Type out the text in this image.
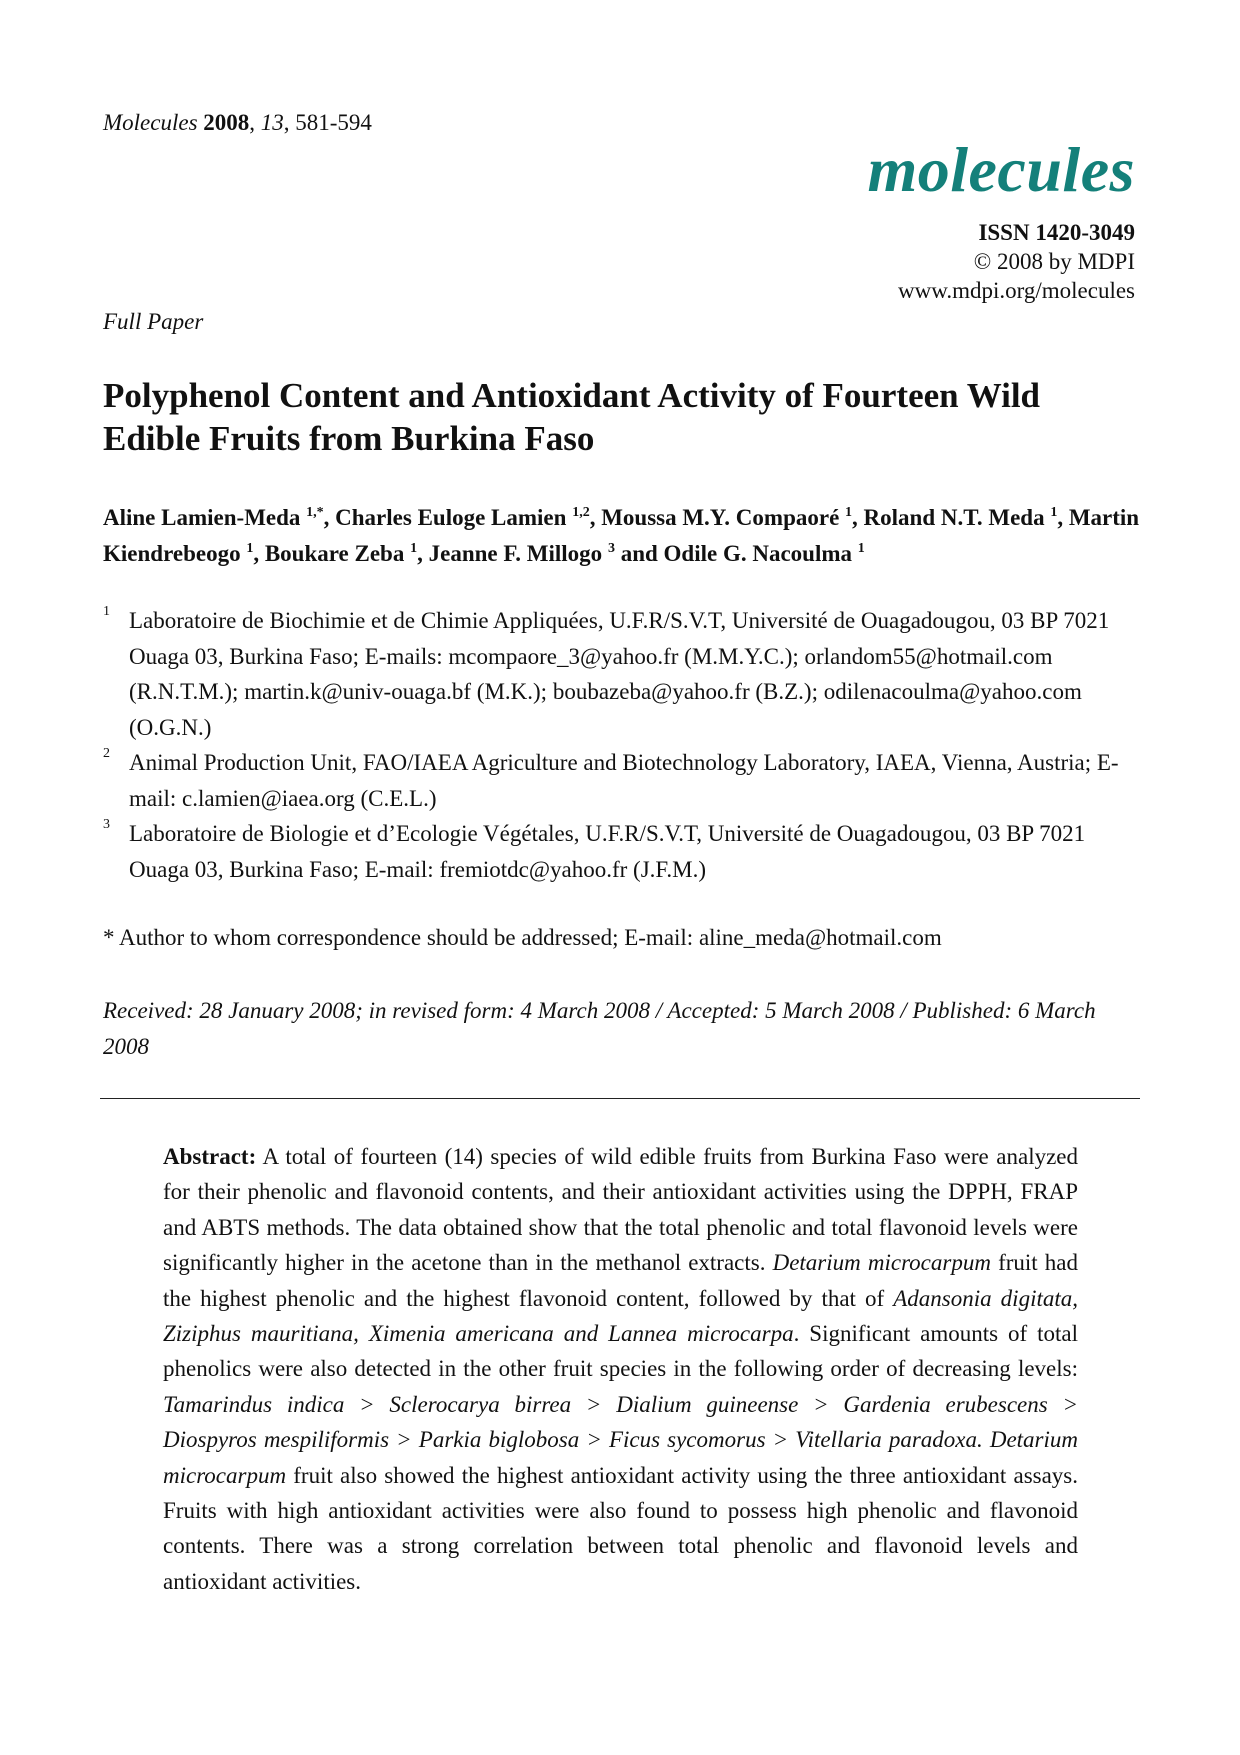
Molecules 2008, 13, 581-594
molecules
ISSN 1420-3049
© 2008 by MDPI
www.mdpi.org/molecules
Full Paper
Polyphenol Content and Antioxidant Activity of Fourteen Wild
Edible Fruits from Burkina Faso
Aline Lamien-Meda $^{1,*}$, Charles Euloge Lamien $^{1,2}$, Moussa M.Y. Compaoré $^1$, Roland N.T. Meda $^1$, Martin Kiendrebeogo $^1$, Boukare Zeba $^1$, Jeanne F. Millogo $^3$ and Odile G. Nacoulma $^1$

1 Laboratoire de Biochimie et de Chimie Appliquées, U.F.R/S.V.T, Université de Ouagadougou, 03 BP 7021 Ouaga 03, Burkina Faso; E-mails: mcompaore_3@yahoo.fr (M.M.Y.C.); orlandom55@hotmail.com (R.N.T.M.); martin.k@univ-ouaga.bf (M.K.); boubazeba@yahoo.fr (B.Z.); odilenacoulma@yahoo.com (O.G.N.)

2 Animal Production Unit, FAO/IAEA Agriculture and Biotechnology Laboratory, IAEA, Vienna, Austria; E-mail: c.lamien@iaea.org (C.E.L.)

3 Laboratoire de Biologie et d’Ecologie Végétales, U.F.R/S.V.T, Université de Ouagadougou, 03 BP 7021 Ouaga 03, Burkina Faso; E-mail: fremiotdc@yahoo.fr (J.F.M.)

* Author to whom correspondence should be addressed; E-mail: aline_meda@hotmail.com
Received: 28 January 2008; in revised form: 4 March 2008 / Accepted: 5 March 2008 / Published: 6 March 2008
Abstract: A total of fourteen (14) species of wild edible fruits from Burkina Faso were analyzed for their phenolic and flavonoid contents, and their antioxidant activities using the DPPH, FRAP and ABTS methods. The data obtained show that the total phenolic and total flavonoid levels were significantly higher in the acetone than in the methanol extracts. Detarium microcarpum fruit had the highest phenolic and the highest flavonoid content, followed by that of Adansonia digitata, Ziziphus mauritiana, Ximenia americana and Lannea microcarpa. Significant amounts of total phenolics were also detected in the other fruit species in the following order of decreasing levels: Tamarindus indica > Sclerocarya birrea > Dialium guineense > Gardenia erubescens > Diospyros mespiliformis > Parkia biglobosa > Ficus sycomorus > Vitellaria paradoxa. Detarium microcarpum fruit also showed the highest antioxidant activity using the three antioxidant assays. Fruits with high antioxidant activities were also found to possess high phenolic and flavonoid contents. There was a strong correlation between total phenolic and flavonoid levels and antioxidant activities.
